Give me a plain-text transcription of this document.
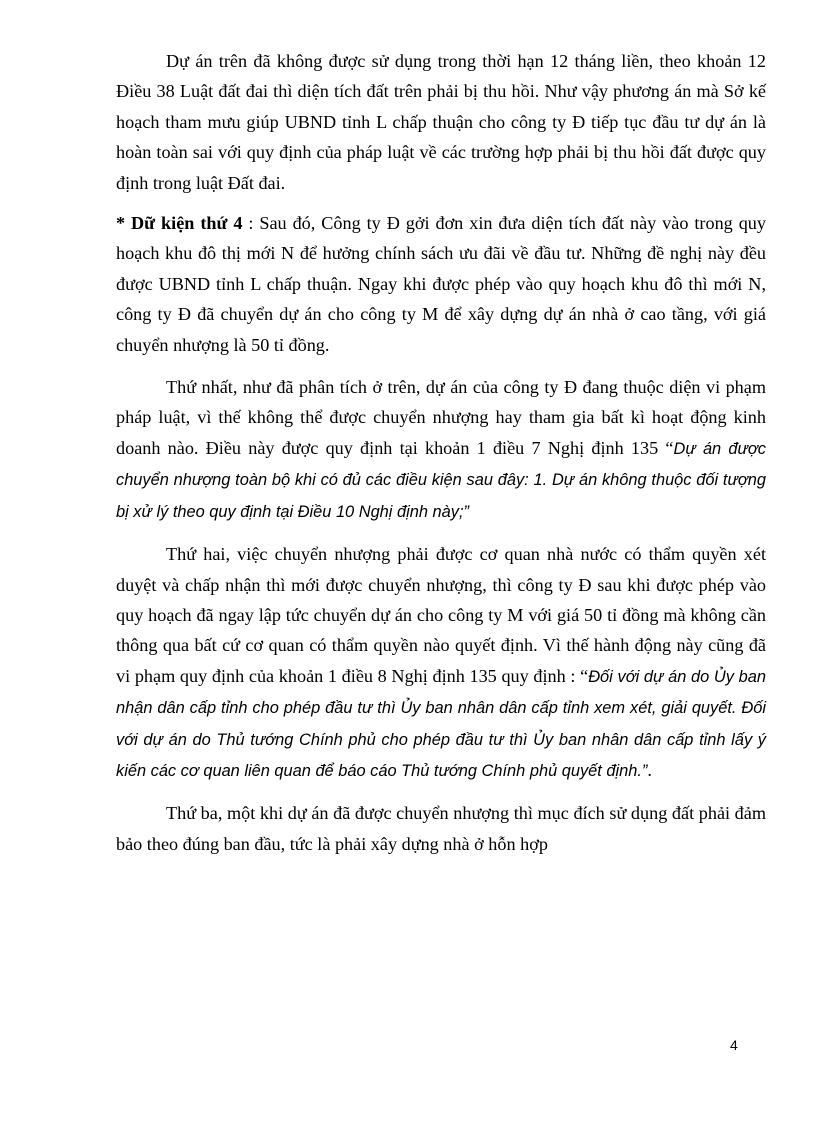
Dự án trên đã không được sử dụng trong thời hạn 12 tháng liền, theo khoản 12 Điều 38 Luật đất đai thì diện tích đất trên phải bị thu hồi. Như vậy phương án mà Sở kế hoạch tham mưu giúp UBND tỉnh L chấp thuận cho công ty Đ tiếp tục đầu tư dự án là hoàn toàn sai với quy định của pháp luật về các trường hợp phải bị thu hồi đất được quy định trong luật Đất đai.

* Dữ kiện thứ 4 : Sau đó, Công ty Đ gởi đơn xin đưa diện tích đất này vào trong quy hoạch khu đô thị mới N để hưởng chính sách ưu đãi về đầu tư. Những đề nghị này đều được UBND tỉnh L chấp thuận. Ngay khi được phép vào quy hoạch khu đô thì mới N, công ty Đ đã chuyển dự án cho công ty M để xây dựng dự án nhà ở cao tầng, với giá chuyển nhượng là 50 tỉ đồng.

Thứ nhất, như đã phân tích ở trên, dự án của công ty Đ đang thuộc diện vi phạm pháp luật, vì thế không thể được chuyển nhượng hay tham gia bất kì hoạt động kinh doanh nào. Điều này được quy định tại khoản 1 điều 7 Nghị định 135 “Dự án được chuyển nhượng toàn bộ khi có đủ các điều kiện sau đây: 1. Dự án không thuộc đối tượng bị xử lý theo quy định tại Điều 10 Nghị định này;”

Thứ hai, việc chuyển nhượng phải được cơ quan nhà nước có thẩm quyền xét duyệt và chấp nhận thì mới được chuyển nhượng, thì công ty Đ sau khi được phép vào quy hoạch đã ngay lập tức chuyển dự án cho công ty M với giá 50 tỉ đồng mà không cần thông qua bất cứ cơ quan có thẩm quyền nào quyết định. Vì thế hành động này cũng đã vi phạm quy định của khoản 1 điều 8 Nghị định 135 quy định : “Đối với dự án do Ủy ban nhận dân cấp tỉnh cho phép đầu tư thì Ủy ban nhân dân cấp tỉnh xem xét, giải quyết. Đối với dự án do Thủ tướng Chính phủ cho phép đầu tư thì Ủy ban nhân dân cấp tỉnh lấy ý kiến các cơ quan liên quan để báo cáo Thủ tướng Chính phủ quyết định.”.

Thứ ba, một khi dự án đã được chuyển nhượng thì mục đích sử dụng đất phải đảm bảo theo đúng ban đầu, tức là phải xây dựng nhà ở hỗn hợp

4
